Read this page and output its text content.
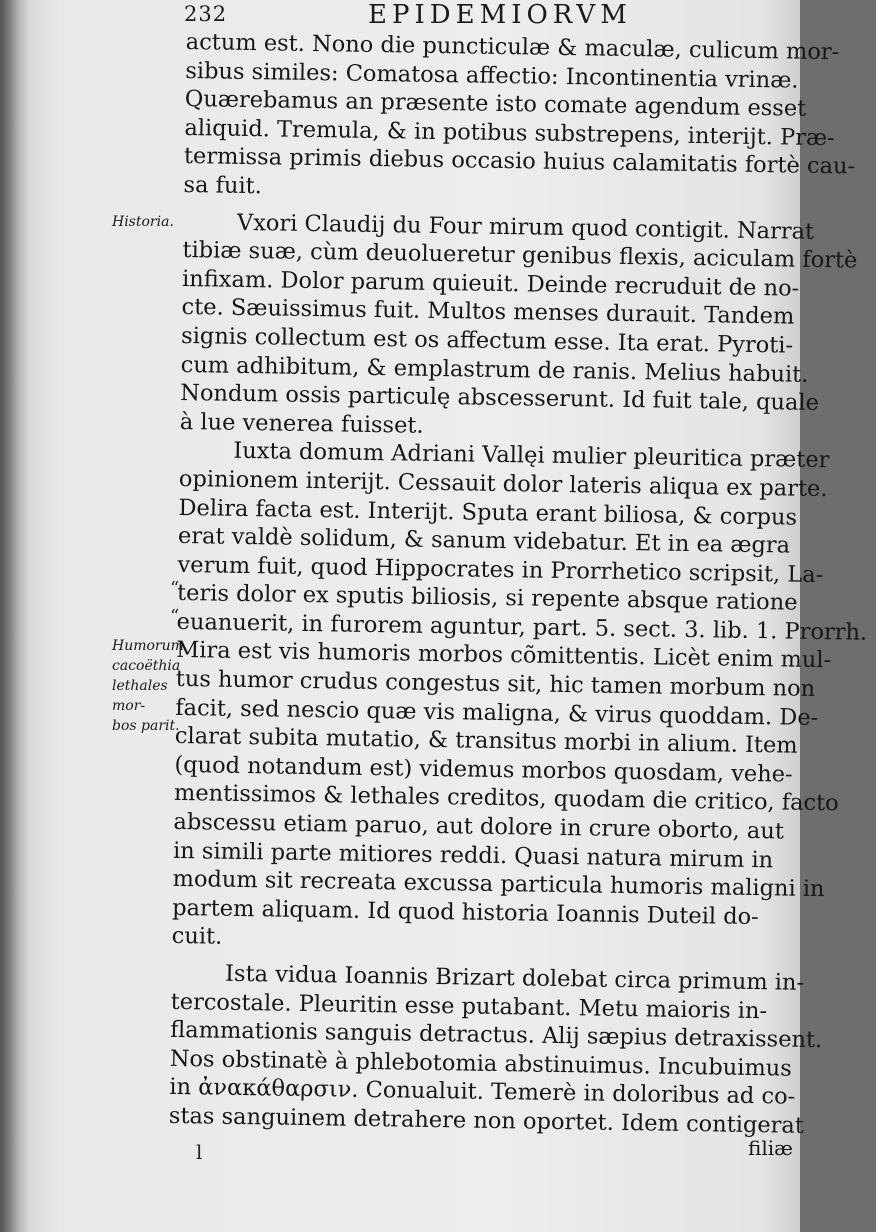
232	EPIDEMIORVM
Historia.
“
“
Humorum
cacoëthia
lethales mor-
bos parit.
actum est. Nono die puncticulæ & maculæ, culicum mor-
sibus similes: Comatosa affectio: Incontinentia vrinæ.
Quærebamus an præsente isto comate agendum esset
aliquid. Tremula, & in potibus substrepens, interijt. Præ-
termissa primis diebus occasio huius calamitatis fortè cau-
sa fuit.
Vxori Claudij du Four mirum quod contigit. Narrat
tibiæ suæ, cùm deuolueretur genibus flexis, aciculam fortè
infixam. Dolor parum quieuit. Deinde recruduit de no-
cte. Sæuissimus fuit. Multos menses durauit. Tandem
signis collectum est os affectum esse. Ita erat. Pyroti-
cum adhibitum, & emplastrum de ranis. Melius habuit.
Nondum ossis particulę abscesserunt. Id fuit tale, quale
à lue venerea fuisset.
Iuxta domum Adriani Vallęi mulier pleuritica præter
opinionem interijt. Cessauit dolor lateris aliqua ex parte.
Delira facta est. Interijt. Sputa erant biliosa, & corpus
erat valdè solidum, & sanum videbatur. Et in ea ægra
verum fuit, quod Hippocrates in Prorrhetico scripsit, La-
teris dolor ex sputis biliosis, si repente absque ratione
euanuerit, in furorem aguntur, part. 5. sect. 3. lib. 1. Prorrh.
Mira est vis humoris morbos cõmittentis. Licèt enim mul-
tus humor crudus congestus sit, hic tamen morbum non
facit, sed nescio quæ vis maligna, & virus quoddam. De-
clarat subita mutatio, & transitus morbi in alium. Item
(quod notandum est) videmus morbos quosdam, vehe-
mentissimos & lethales creditos, quodam die critico, facto
abscessu etiam paruo, aut dolore in crure oborto, aut
in simili parte mitiores reddi. Quasi natura mirum in
modum sit recreata excussa particula humoris maligni in
partem aliquam. Id quod historia Ioannis Duteil do-
cuit.
Ista vidua Ioannis Brizart dolebat circa primum in-
tercostale. Pleuritin esse putabant. Metu maioris in-
flammationis sanguis detractus. Alij sæpius detraxissent.
Nos obstinatè à phlebotomia abstinuimus. Incubuimus
in ἀνακάθαρσιν. Conualuit. Temerè in doloribus ad co-
stas sanguinem detrahere non oportet. Idem contigerat
l	filiæ
